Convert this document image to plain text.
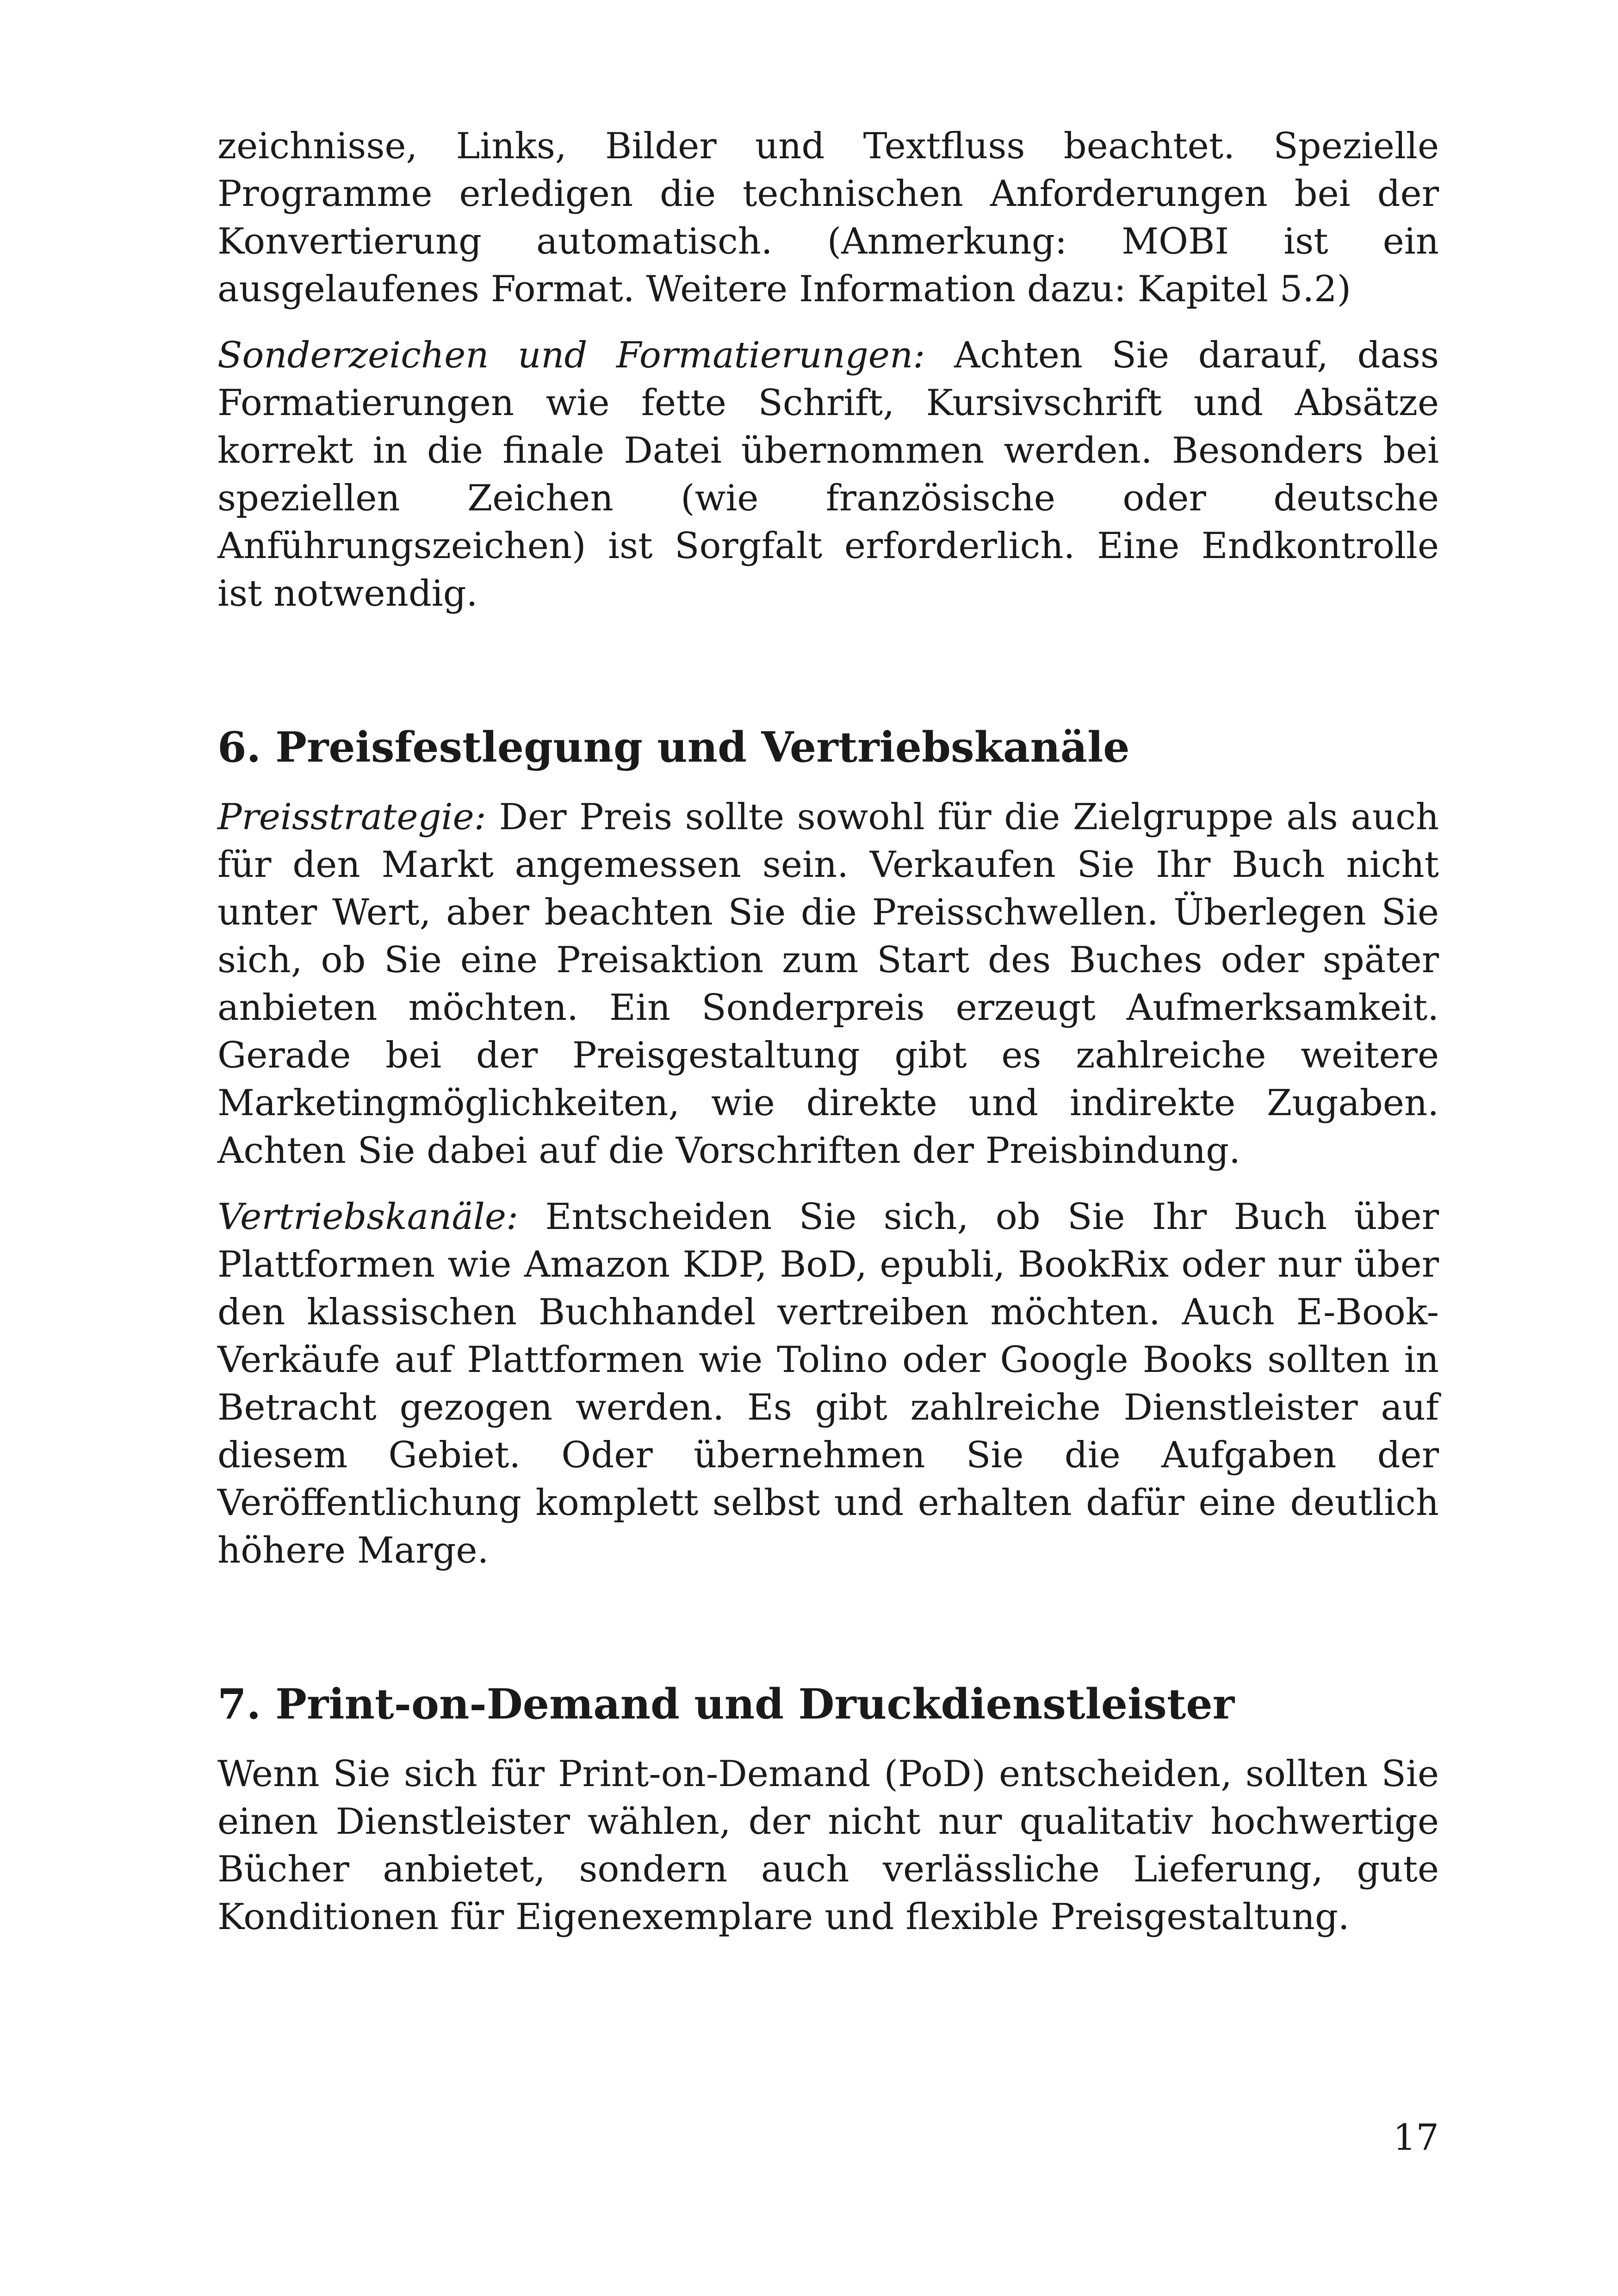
zeichnisse, Links, Bilder und Textfluss beachtet. Spezielle Programme erledigen die technischen Anforderungen bei der Konvertierung automatisch. (Anmerkung: MOBI ist ein ausgelaufenes Format. Weitere Information dazu: Kapitel 5.2)

Sonderzeichen und Formatierungen: Achten Sie darauf, dass Formatierungen wie fette Schrift, Kursivschrift und Absätze korrekt in die finale Datei übernommen werden. Besonders bei speziellen Zeichen (wie französische oder deutsche Anführungszeichen) ist Sorgfalt erforderlich. Eine Endkontrolle ist notwendig.

6. Preisfestlegung und Vertriebskanäle

Preisstrategie: Der Preis sollte sowohl für die Zielgruppe als auch für den Markt angemessen sein. Verkaufen Sie Ihr Buch nicht unter Wert, aber beachten Sie die Preisschwellen. Überlegen Sie sich, ob Sie eine Preisaktion zum Start des Buches oder später anbieten möchten. Ein Sonderpreis erzeugt Aufmerksamkeit. Gerade bei der Preisgestaltung gibt es zahlreiche weitere Marketingmöglichkeiten, wie direkte und indirekte Zugaben. Achten Sie dabei auf die Vorschriften der Preisbindung.

Vertriebskanäle: Entscheiden Sie sich, ob Sie Ihr Buch über Plattformen wie Amazon KDP, BoD, epubli, BookRix oder nur über den klassischen Buchhandel vertreiben möchten. Auch E-Book-Verkäufe auf Plattformen wie Tolino oder Google Books sollten in Betracht gezogen werden. Es gibt zahlreiche Dienstleister auf diesem Gebiet. Oder übernehmen Sie die Aufgaben der Veröffentlichung komplett selbst und erhalten dafür eine deutlich höhere Marge.

7. Print-on-Demand und Druckdienstleister

Wenn Sie sich für Print-on-Demand (PoD) entscheiden, sollten Sie einen Dienstleister wählen, der nicht nur qualitativ hochwertige Bücher anbietet, sondern auch verlässliche Lieferung, gute Konditionen für Eigenexemplare und flexible Preisgestaltung.

17
